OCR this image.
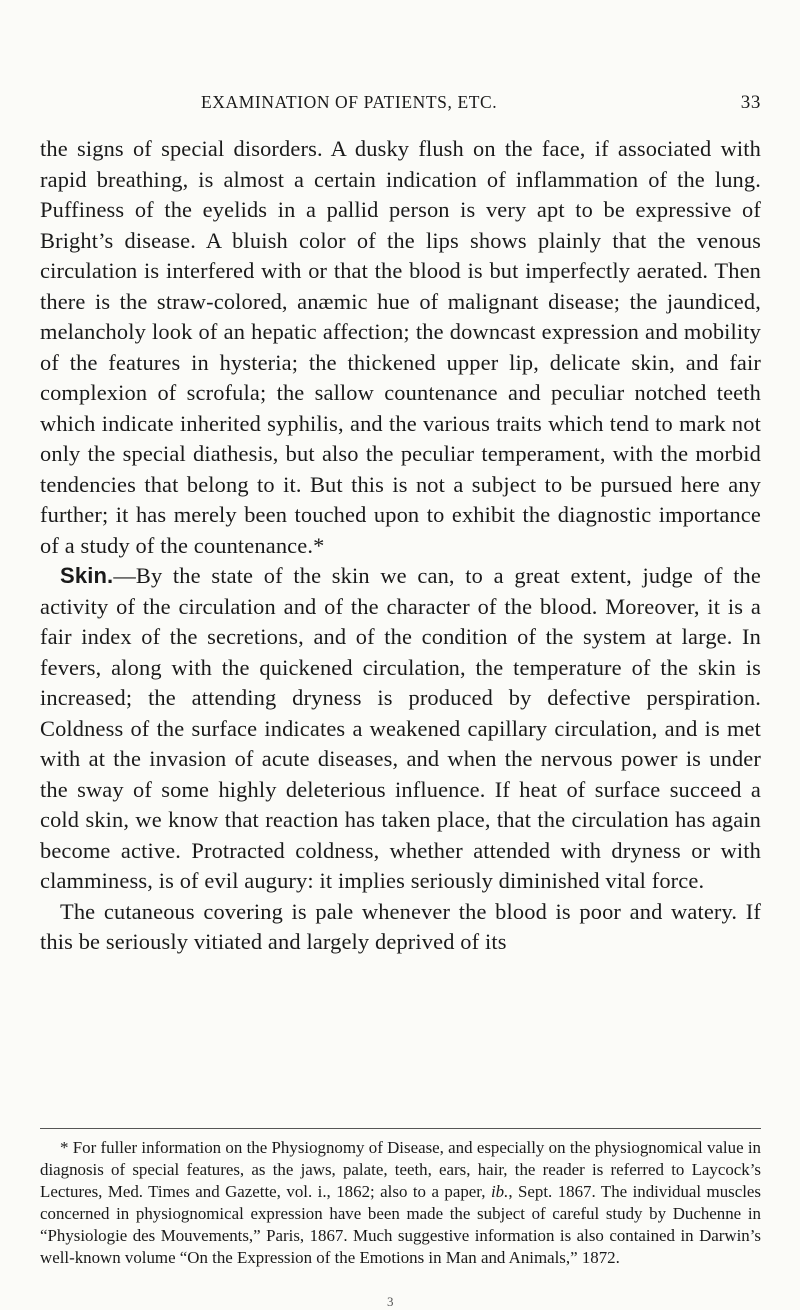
EXAMINATION OF PATIENTS, ETC.	33

the signs of special disorders. A dusky flush on the face, if associated with rapid breathing, is almost a certain indication of inflammation of the lung. Puffiness of the eyelids in a pallid person is very apt to be expressive of Bright’s disease. A bluish color of the lips shows plainly that the venous circulation is interfered with or that the blood is but imperfectly aerated. Then there is the straw-colored, anæmic hue of malignant disease; the jaundiced, melancholy look of an hepatic affection; the downcast expression and mobility of the features in hysteria; the thickened upper lip, delicate skin, and fair complexion of scrofula; the sallow countenance and peculiar notched teeth which indicate inherited syphilis, and the various traits which tend to mark not only the special diathesis, but also the peculiar temperament, with the morbid tendencies that belong to it. But this is not a subject to be pursued here any further; it has merely been touched upon to exhibit the diagnostic importance of a study of the countenance.*

Skin.—By the state of the skin we can, to a great extent, judge of the activity of the circulation and of the character of the blood. Moreover, it is a fair index of the secretions, and of the condition of the system at large. In fevers, along with the quickened circulation, the temperature of the skin is increased; the attending dryness is produced by defective perspiration. Coldness of the surface indicates a weakened capillary circulation, and is met with at the invasion of acute diseases, and when the nervous power is under the sway of some highly deleterious influence. If heat of surface succeed a cold skin, we know that reaction has taken place, that the circulation has again become active. Protracted coldness, whether attended with dryness or with clamminess, is of evil augury: it implies seriously diminished vital force.

The cutaneous covering is pale whenever the blood is poor and watery. If this be seriously vitiated and largely deprived of its

* For fuller information on the Physiognomy of Disease, and especially on the physiognomical value in diagnosis of special features, as the jaws, palate, teeth, ears, hair, the reader is referred to Laycock’s Lectures, Med. Times and Gazette, vol. i., 1862; also to a paper, ib., Sept. 1867. The individual muscles concerned in physiognomical expression have been made the subject of careful study by Duchenne in “Physiologie des Mouvements,” Paris, 1867. Much suggestive information is also contained in Darwin’s well-known volume “On the Expression of the Emotions in Man and Animals,” 1872.

3
